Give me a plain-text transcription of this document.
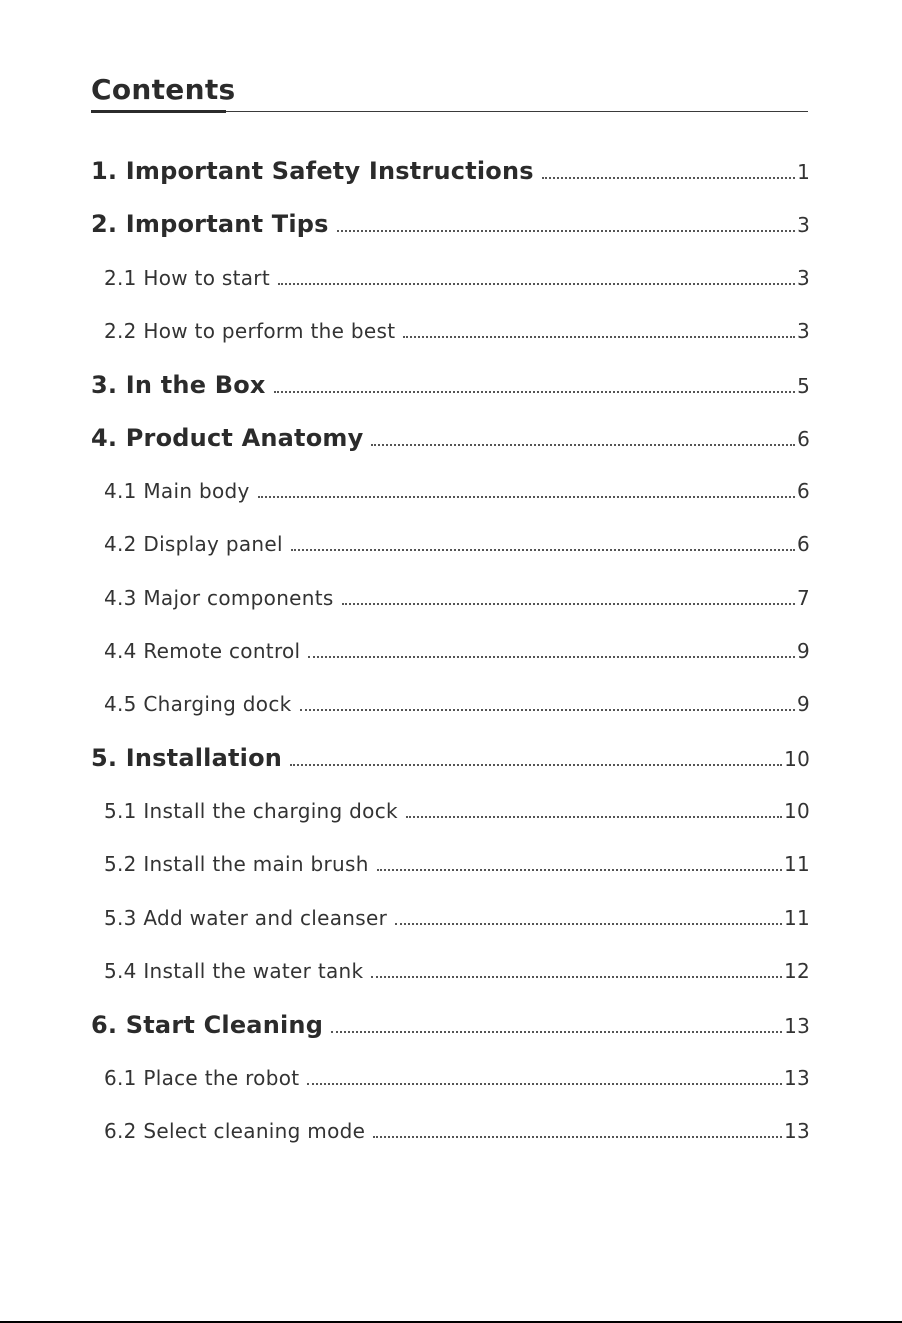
Contents
1. Important Safety Instructions	1
2. Important Tips	3
2.1 How to start	3
2.2 How to perform the best	3
3. In the Box	5
4. Product Anatomy	6
4.1 Main body	6
4.2 Display panel	6
4.3 Major components	7
4.4 Remote control	9
4.5 Charging dock	9
5. Installation	10
5.1 Install the charging dock	10
5.2 Install the main brush	11
5.3 Add water and cleanser	11
5.4 Install the water tank	12
6. Start Cleaning	13
6.1 Place the robot	13
6.2 Select cleaning mode	13
